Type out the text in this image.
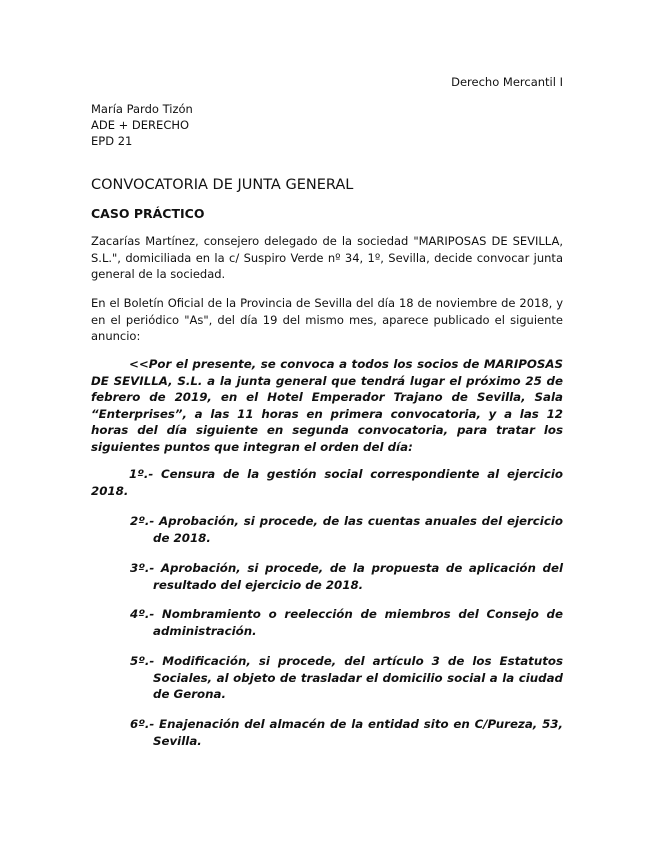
Derecho Mercantil I
María Pardo Tizón
ADE + DERECHO
EPD 21
CONVOCATORIA DE JUNTA GENERAL
CASO PRÁCTICO
Zacarías Martínez, consejero delegado de la sociedad "MARIPOSAS DE SEVILLA, S.L.", domiciliada en la c/ Suspiro Verde nº 34, 1º, Sevilla, decide convocar junta general de la sociedad.
En el Boletín Oficial de la Provincia de Sevilla del día 18 de noviembre de 2018, y en el periódico "As", del día 19 del mismo mes, aparece publicado el siguiente anuncio:
<<Por el presente, se convoca a todos los socios de MARIPOSAS DE SEVILLA, S.L. a la junta general que tendrá lugar el próximo 25 de febrero de 2019, en el Hotel Emperador Trajano de Sevilla, Sala “Enterprises”, a las 11 horas en primera convocatoria, y a las 12 horas del día siguiente en segunda convocatoria, para tratar los siguientes puntos que integran el orden del día:
1º.- Censura de la gestión social correspondiente al ejercicio 2018.
2º.- Aprobación, si procede, de las cuentas anuales del ejercicio de 2018.
3º.- Aprobación, si procede, de la propuesta de aplicación del resultado del ejercicio de 2018.
4º.- Nombramiento o reelección de miembros del Consejo de administración.
5º.- Modificación, si procede, del artículo 3 de los Estatutos Sociales, al objeto de trasladar el domicilio social a la ciudad de Gerona.
6º.- Enajenación del almacén de la entidad sito en C/Pureza, 53, Sevilla.
